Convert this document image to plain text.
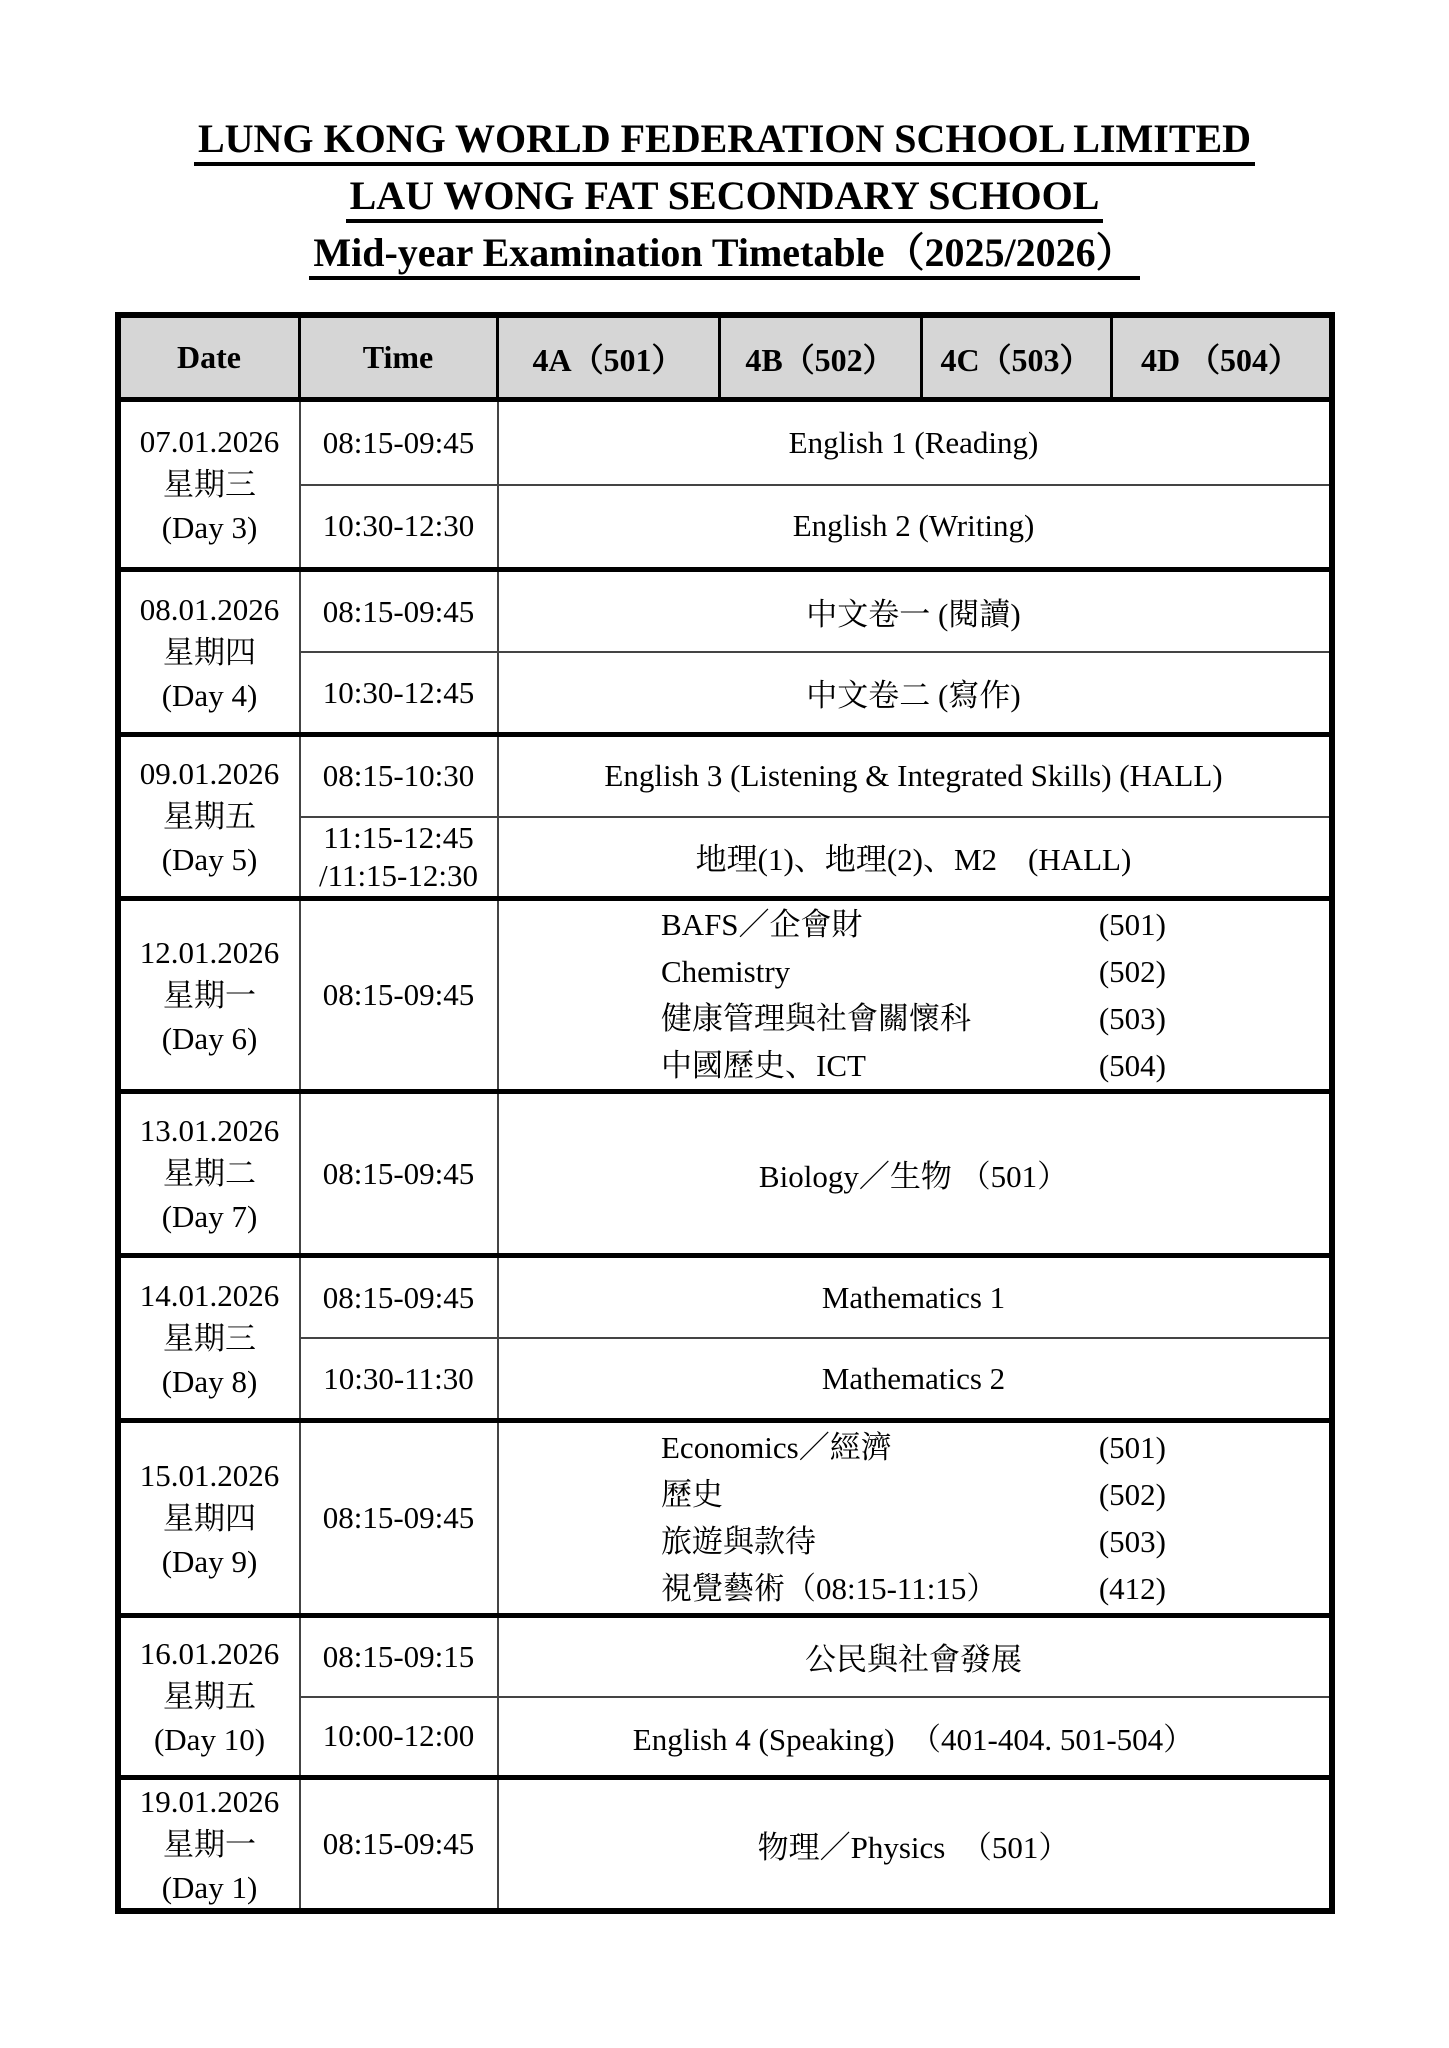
LUNG KONG WORLD FEDERATION SCHOOL LIMITED
LAU WONG FAT SECONDARY SCHOOL
Mid-year Examination Timetable（2025/2026）
Date	Time	4A（501）	4B（502）	4C（503）	4D （504）
07.01.2026
星期三
(Day 3)
08:15-09:45	English 1 (Reading)
10:30-12:30	English 2 (Writing)
08.01.2026
星期四
(Day 4)
08:15-09:45	中文卷一 (閱讀)
10:30-12:45	中文卷二 (寫作)
09.01.2026
星期五
(Day 5)
08:15-10:30	English 3 (Listening & Integrated Skills) (HALL)
11:15-12:45
/11:15-12:30	地理(1)、地理(2)、M2　(HALL)
12.01.2026
星期一
(Day 6)
08:15-09:45
BAFS／企會財	(501)
Chemistry	(502)
健康管理與社會關懷科	(503)
中國歷史、ICT	(504)
13.01.2026
星期二
(Day 7)
08:15-09:45	Biology／生物 （501）
14.01.2026
星期三
(Day 8)
08:15-09:45	Mathematics 1
10:30-11:30	Mathematics 2
15.01.2026
星期四
(Day 9)
08:15-09:45
Economics／經濟	(501)
歷史	(502)
旅遊與款待	(503)
視覺藝術（08:15-11:15）	(412)
16.01.2026
星期五
(Day 10)
08:15-09:15	公民與社會發展
10:00-12:00	English 4 (Speaking)　（401-404. 501-504）
19.01.2026
星期一
(Day 1)
08:15-09:45	物理／Physics　（501）
